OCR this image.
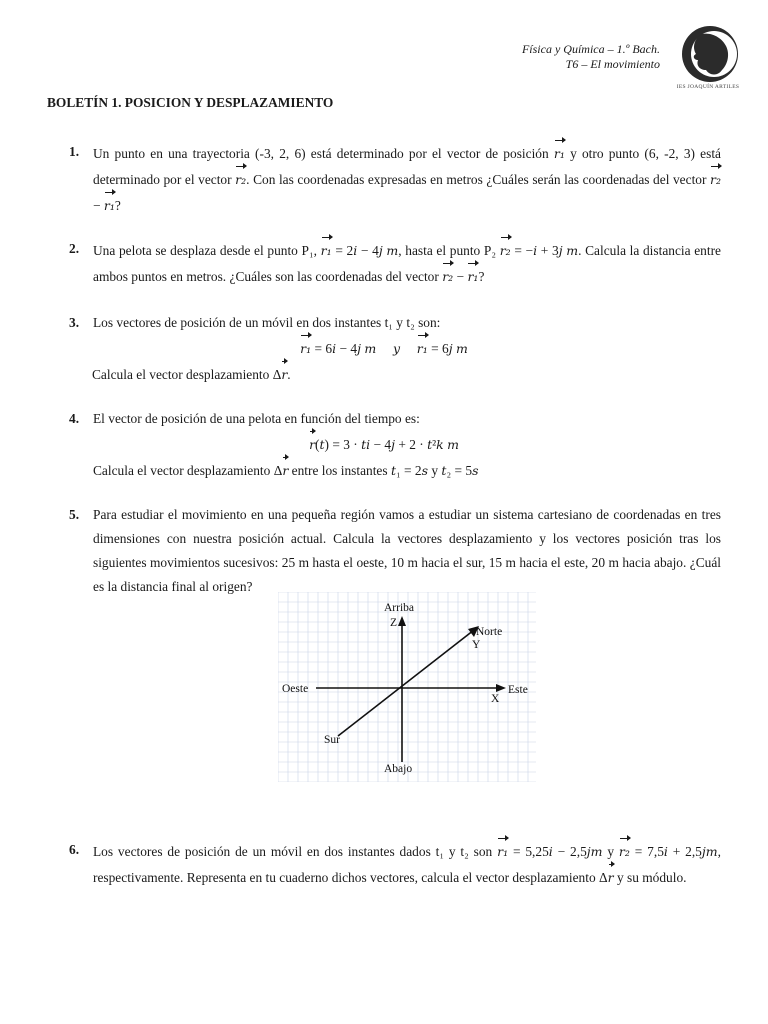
Física y Química – 1.º Bach.
T6 – El movimiento
IES JOAQUÍN ARTILES
BOLETÍN 1. POSICION Y DESPLAZAMIENTO
1. Un punto en una trayectoria (-3, 2, 6) está determinado por el vector de posición r₁ y otro punto (6, -2, 3) está determinado por el vector r₂. Con las coordenadas expresadas en metros ¿Cuáles serán las coordenadas del vector r₂ − r₁?
2. Una pelota se desplaza desde el punto P₁, r₁ = 2i − 4j m, hasta el punto P₂ r₂ = −i + 3j m. Calcula la distancia entre ambos puntos en metros. ¿Cuáles son las coordenadas del vector r₂ − r₁?
3. Los vectores de posición de un móvil en dos instantes t₁ y t₂ son:
r₁ = 6i − 4j m y r₁ = 6j m
Calcula el vector desplazamiento Δr.
4. El vector de posición de una pelota en función del tiempo es:
r(t) = 3 · ti − 4j + 2 · t²k m
Calcula el vector desplazamiento Δr entre los instantes t₁ = 2s y t₂ = 5s
5. Para estudiar el movimiento en una pequeña región vamos a estudiar un sistema cartesiano de coordenadas en tres dimensiones con nuestra posición actual. Calcula la vectores desplazamiento y los vectores posición tras los siguientes movimientos sucesivos: 25 m hasta el oeste, 10 m hacia el sur, 15 m hacia el este, 20 m hacia abajo. ¿Cuál es la distancia final al origen?
6. Los vectores de posición de un móvil en dos instantes dados t₁ y t₂ son r₁ = 5,25i − 2,5jm y r₂ = 7,5i + 2,5jm, respectivamente. Representa en tu cuaderno dichos vectores, calcula el vector desplazamiento Δr y su módulo.
Arriba
Z
Norte
Y
Oeste	Este
X
Sur
Abajo
